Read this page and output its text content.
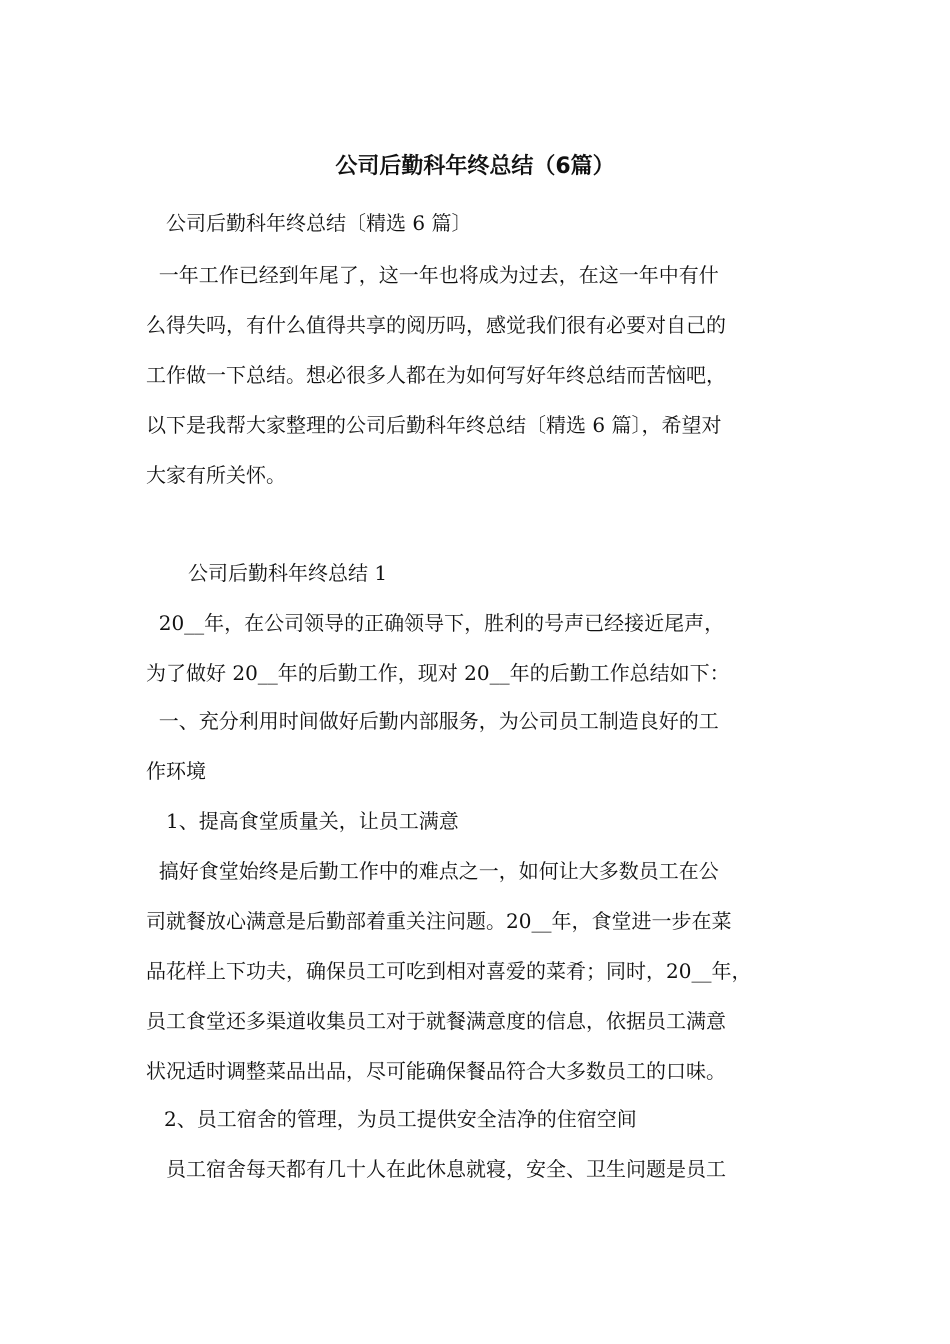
公司后勤科年终总结（6篇）

公司后勤科年终总结〔精选 6 篇〕

一年工作已经到年尾了，这一年也将成为过去，在这一年中有什
么得失吗，有什么值得共享的阅历吗，感觉我们很有必要对自己的
工作做一下总结。想必很多人都在为如何写好年终总结而苦恼吧，
以下是我帮大家整理的公司后勤科年终总结〔精选 6 篇〕，希望对
大家有所关怀。

公司后勤科年终总结 1

20__年，在公司领导的正确领导下，胜利的号声已经接近尾声，
为了做好 20__年的后勤工作，现对 20__年的后勤工作总结如下：
一、充分利用时间做好后勤内部服务，为公司员工制造良好的工
作环境

1、提高食堂质量关，让员工满意

搞好食堂始终是后勤工作中的难点之一，如何让大多数员工在公
司就餐放心满意是后勤部着重关注问题。20__年，食堂进一步在菜
品花样上下功夫，确保员工可吃到相对喜爱的菜肴；同时，20__年，
员工食堂还多渠道收集员工对于就餐满意度的信息，依据员工满意
状况适时调整菜品出品，尽可能确保餐品符合大多数员工的口味。

2、员工宿舍的管理，为员工提供安全洁净的住宿空间

员工宿舍每天都有几十人在此休息就寝，安全、卫生问题是员工
